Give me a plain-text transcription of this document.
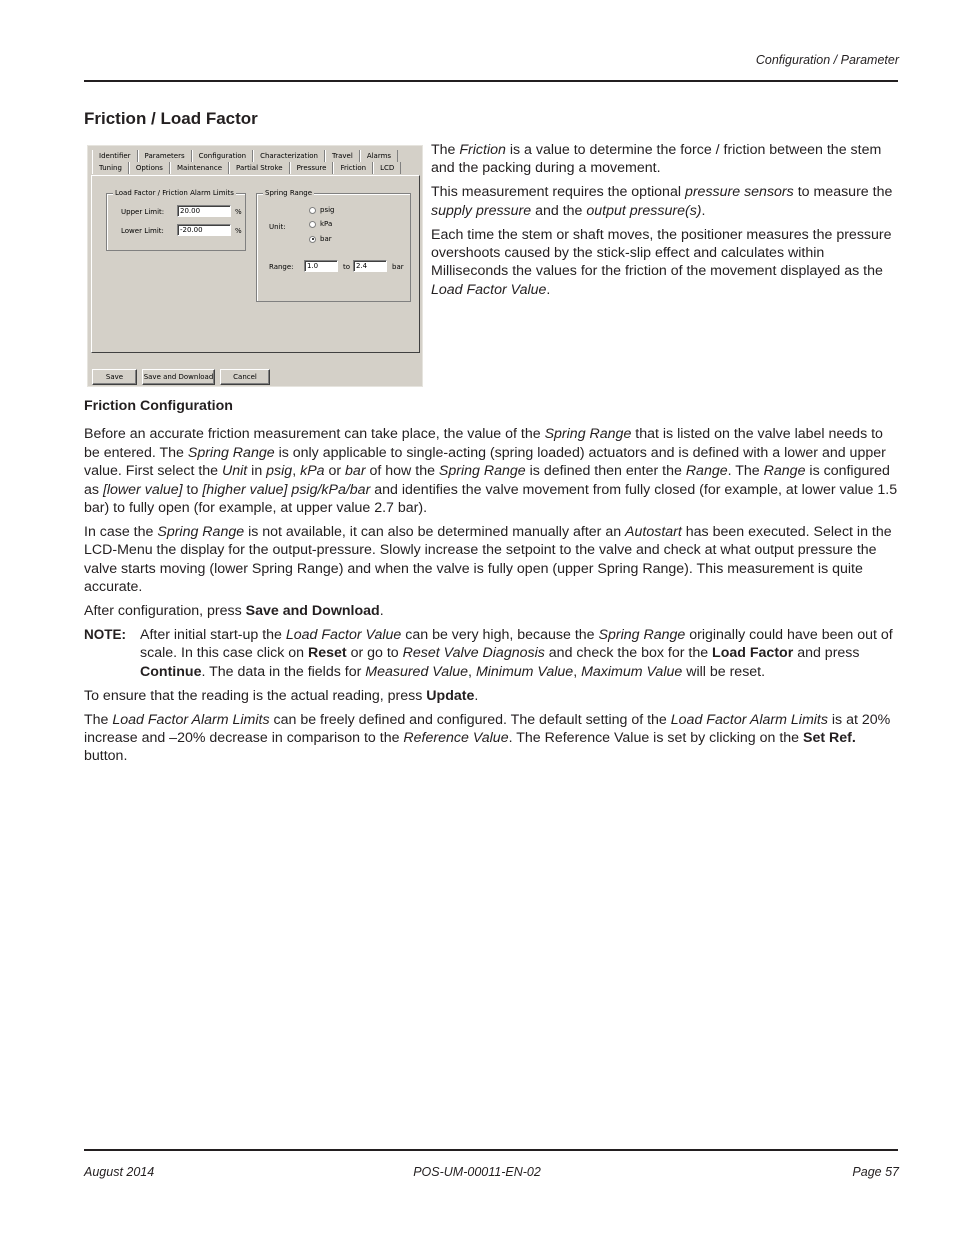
Configuration / Parameter
Friction / Load Factor
Identifier	Parameters	Configuration	Characterization	Travel	Alarms
Tuning	Options	Maintenance	Partial Stroke	Pressure	Friction	LCD
Load Factor / Friction Alarm Limits
Upper Limit:	20.00	%
Lower Limit:	-20.00	%
Spring Range
Unit:
psig
kPa
bar
Range:	1.0	to 2.4	bar
Save	Save and Download	Cancel

The Friction is a value to determine the force / friction between the stem and the packing during a movement.

This measurement requires the optional pressure sensors to measure the supply pressure and the output pressure(s).

Each time the stem or shaft moves, the positioner measures the pressure overshoots caused by the stick-slip effect and calculates within Milliseconds the values for the friction of the movement displayed as the Load Factor Value.

Friction Configuration

Before an accurate friction measurement can take place, the value of the Spring Range that is listed on the valve label needs to be entered. The Spring Range is only applicable to single-acting (spring loaded) actuators and is defined with a lower and upper value. First select the Unit in psig, kPa or bar of how the Spring Range is defined then enter the Range. The Range is configured as [lower value] to [higher value] psig/kPa/bar and identifies the valve movement from fully closed (for example, at lower value 1.5 bar) to fully open (for example, at upper value 2.7 bar).

In case the Spring Range is not available, it can also be determined manually after an Autostart has been executed. Select in the LCD-Menu the display for the output-pressure. Slowly increase the setpoint to the valve and check at what output pressure the valve starts moving (lower Spring Range) and when the valve is fully open (upper Spring Range). This measurement is quite accurate.

After configuration, press Save and Download.

NOTE: After initial start-up the Load Factor Value can be very high, because the Spring Range originally could have been out of scale. In this case click on Reset or go to Reset Valve Diagnosis and check the box for the Load Factor and press Continue. The data in the fields for Measured Value, Minimum Value, Maximum Value will be reset.

To ensure that the reading is the actual reading, press Update.

The Load Factor Alarm Limits can be freely defined and configured. The default setting of the Load Factor Alarm Limits is at 20% increase and –20% decrease in comparison to the Reference Value. The Reference Value is set by clicking on the Set Ref. button.

August 2014	POS-UM-00011-EN-02	Page 57
